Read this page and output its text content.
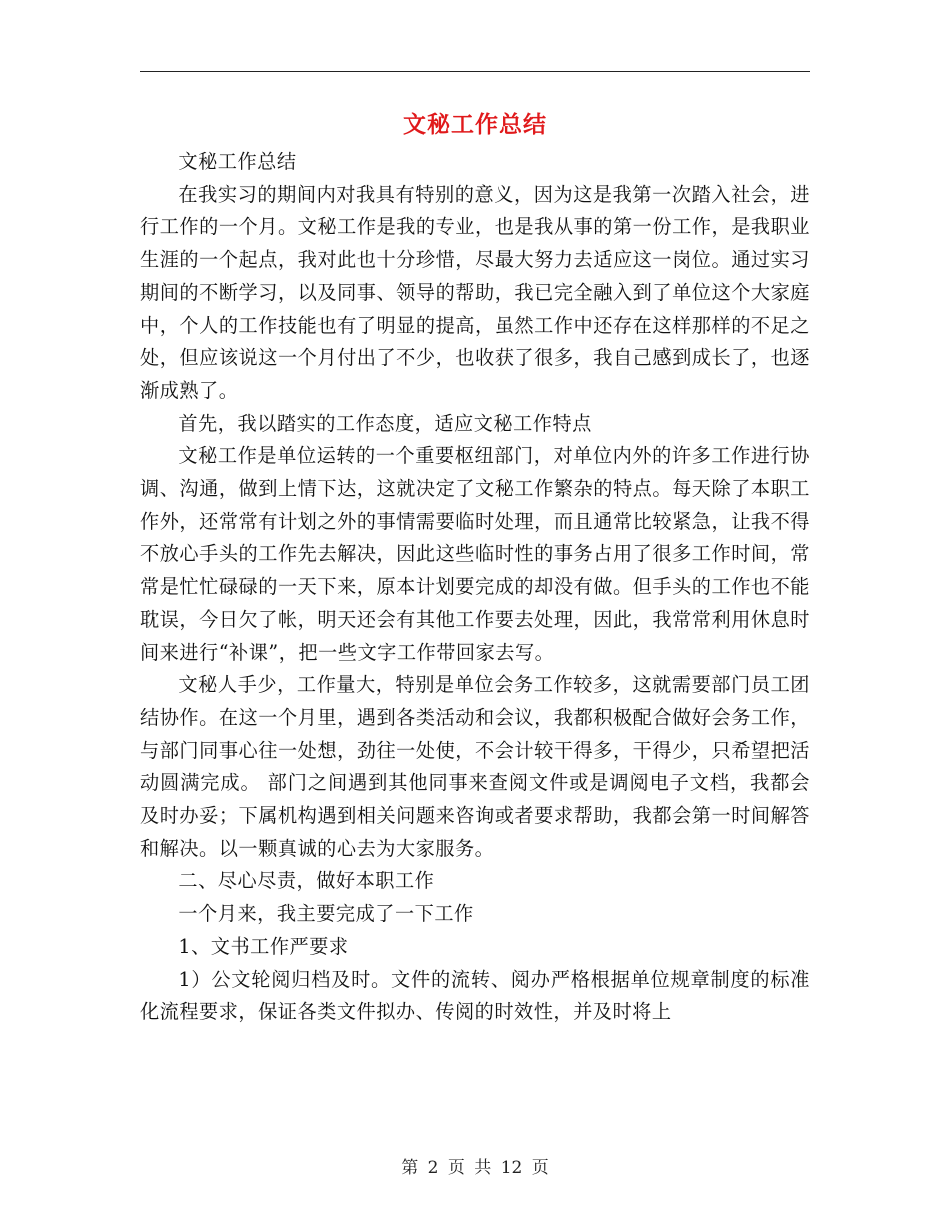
文秘工作总结

文秘工作总结

在我实习的期间内对我具有特别的意义，因为这是我第一次踏入社会，进行工作的一个月。文秘工作是我的专业，也是我从事的第一份工作，是我职业生涯的一个起点，我对此也十分珍惜，尽最大努力去适应这一岗位。通过实习期间的不断学习，以及同事、领导的帮助，我已完全融入到了单位这个大家庭中，个人的工作技能也有了明显的提高，虽然工作中还存在这样那样的不足之处，但应该说这一个月付出了不少，也收获了很多，我自己感到成长了，也逐渐成熟了。

首先，我以踏实的工作态度，适应文秘工作特点

文秘工作是单位运转的一个重要枢纽部门，对单位内外的许多工作进行协调、沟通，做到上情下达，这就决定了文秘工作繁杂的特点。每天除了本职工作外，还常常有计划之外的事情需要临时处理，而且通常比较紧急，让我不得不放心手头的工作先去解决，因此这些临时性的事务占用了很多工作时间，常常是忙忙碌碌的一天下来，原本计划要完成的却没有做。但手头的工作也不能耽误，今日欠了帐，明天还会有其他工作要去处理，因此，我常常利用休息时间来进行“补课”，把一些文字工作带回家去写。

文秘人手少，工作量大，特别是单位会务工作较多，这就需要部门员工团结协作。在这一个月里，遇到各类活动和会议，我都积极配合做好会务工作，与部门同事心往一处想，劲往一处使，不会计较干得多，干得少，只希望把活动圆满完成。 部门之间遇到其他同事来查阅文件或是调阅电子文档，我都会及时办妥；下属机构遇到相关问题来咨询或者要求帮助，我都会第一时间解答和解决。以一颗真诚的心去为大家服务。

二、尽心尽责，做好本职工作

一个月来，我主要完成了一下工作

1、文书工作严要求

1）公文轮阅归档及时。文件的流转、阅办严格根据单位规章制度的标准化流程要求，保证各类文件拟办、传阅的时效性，并及时将上

第 2 页 共 12 页
